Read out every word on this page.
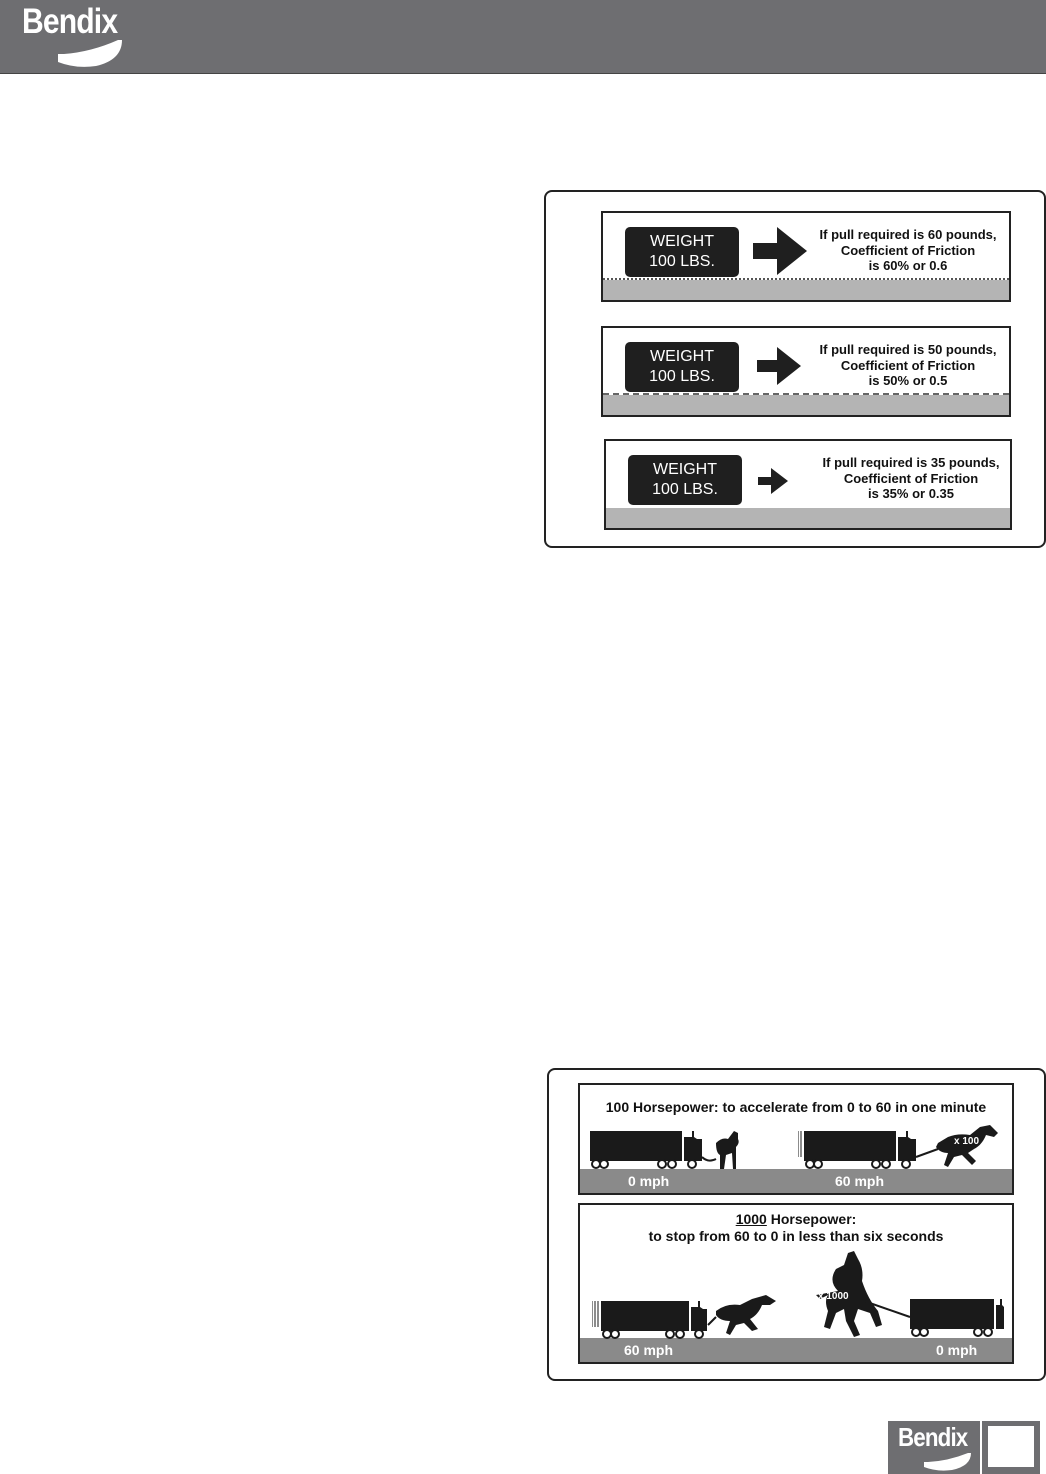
Bendix
WEIGHT
100 LBS.
If pull required is 60 pounds,
Coefficient of Friction
is 60% or 0.6
WEIGHT
100 LBS.
If pull required is 50 pounds,
Coefficient of Friction
is 50% or 0.5
WEIGHT
100 LBS.
If pull required is 35 pounds,
Coefficient of Friction
is 35% or 0.35
100 Horsepower: to accelerate from 0 to 60 in one minute
x 100
0 mph	60 mph
1000 Horsepower:
to stop from 60 to 0 in less than six seconds
x 1000
60 mph	0 mph
Bendix
